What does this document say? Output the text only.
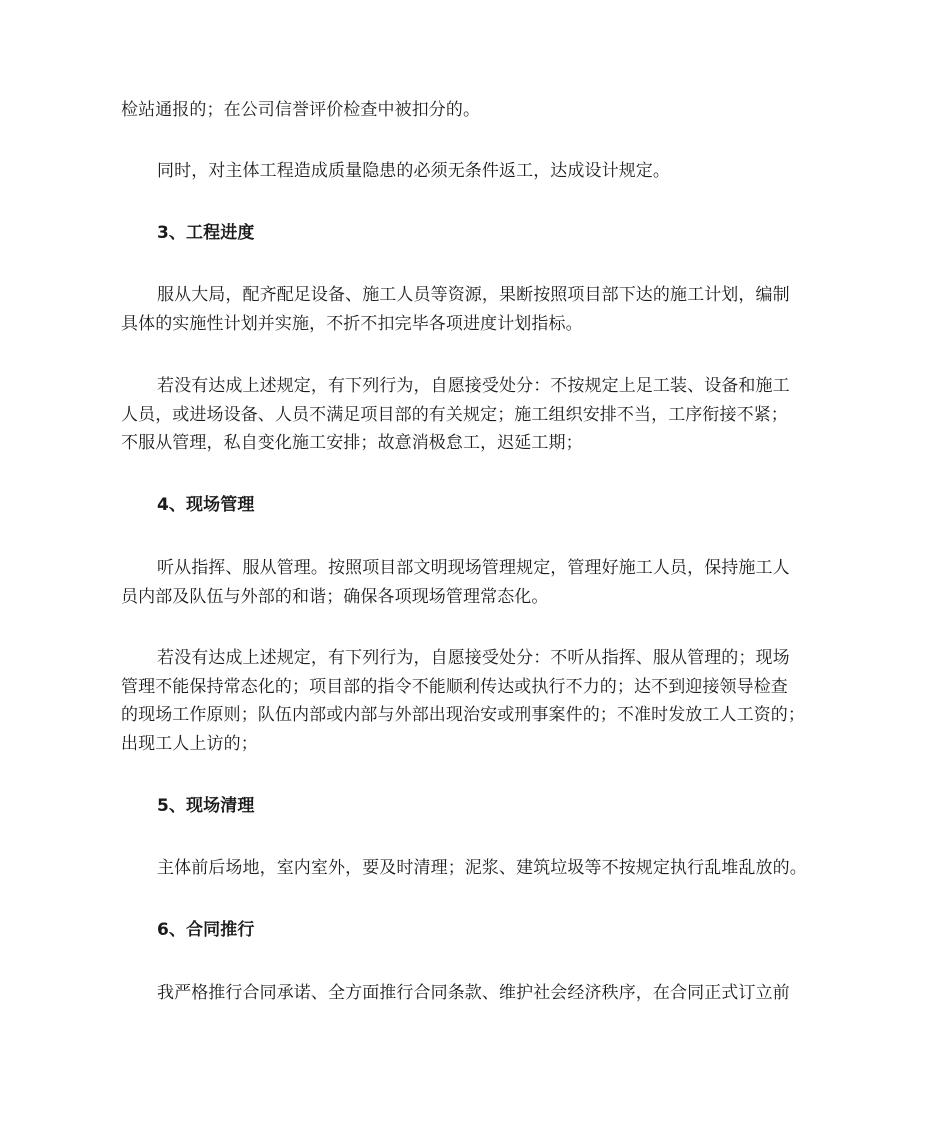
检站通报的；在公司信誉评价检查中被扣分的。
同时，对主体工程造成质量隐患的必须无条件返工，达成设计规定。
3、工程进度
服从大局，配齐配足设备、施工人员等资源，果断按照项目部下达的施工计划，编制
具体的实施性计划并实施，不折不扣完毕各项进度计划指标。
若没有达成上述规定，有下列行为，自愿接受处分：不按规定上足工装、设备和施工
人员，或进场设备、人员不满足项目部的有关规定；施工组织安排不当，工序衔接不紧；
不服从管理，私自变化施工安排；故意消极怠工，迟延工期；
4、现场管理
听从指挥、服从管理。按照项目部文明现场管理规定，管理好施工人员，保持施工人
员内部及队伍与外部的和谐；确保各项现场管理常态化。
若没有达成上述规定，有下列行为，自愿接受处分：不听从指挥、服从管理的；现场
管理不能保持常态化的；项目部的指令不能顺利传达或执行不力的；达不到迎接领导检查
的现场工作原则；队伍内部或内部与外部出现治安或刑事案件的；不准时发放工人工资的；
出现工人上访的；
5、现场清理
主体前后场地，室内室外，要及时清理；泥浆、建筑垃圾等不按规定执行乱堆乱放的。
6、合同推行
我严格推行合同承诺、全方面推行合同条款、维护社会经济秩序，在合同正式订立前
